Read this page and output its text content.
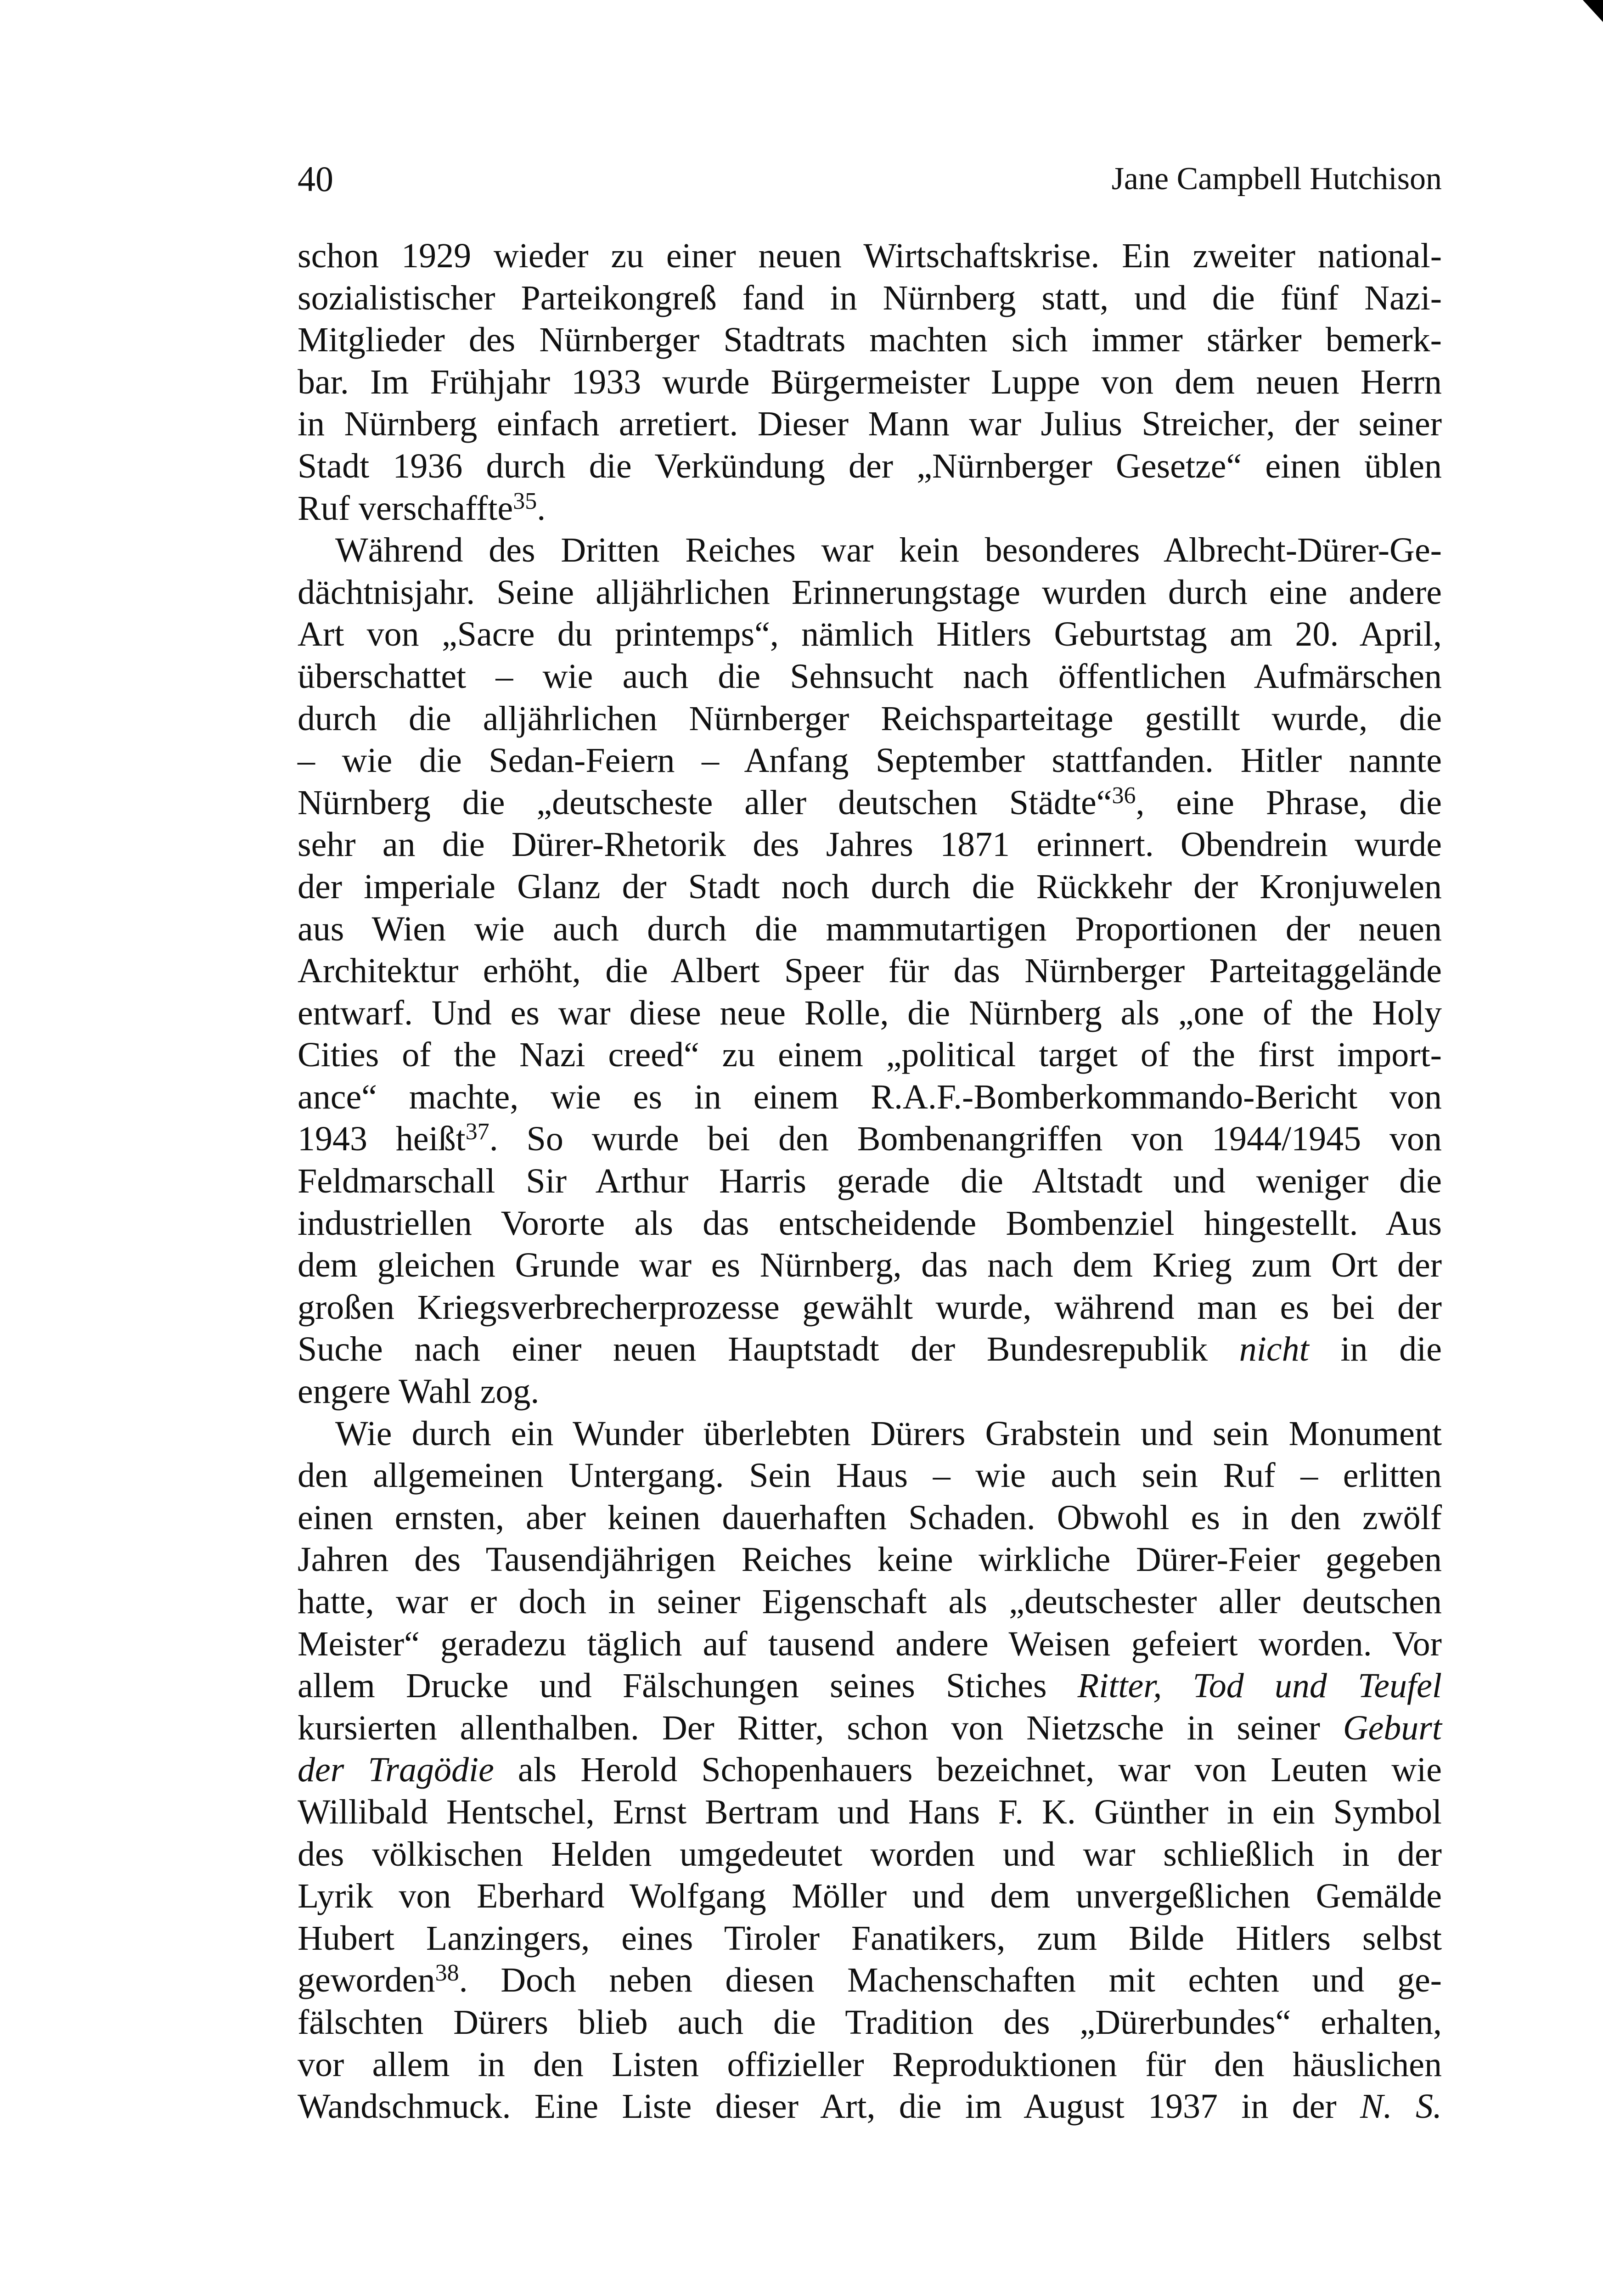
40	Jane Campbell Hutchison
schon 1929 wieder zu einer neuen Wirtschaftskrise. Ein zweiter national-
sozialistischer Parteikongreß fand in Nürnberg statt, und die fünf Nazi-
Mitglieder des Nürnberger Stadtrats machten sich immer stärker bemerk-
bar. Im Frühjahr 1933 wurde Bürgermeister Luppe von dem neuen Herrn
in Nürnberg einfach arretiert. Dieser Mann war Julius Streicher, der seiner
Stadt 1936 durch die Verkündung der „Nürnberger Gesetze“ einen üblen
Ruf verschaffte$^{35}$.
Während des Dritten Reiches war kein besonderes Albrecht-Dürer-Ge-
dächtnisjahr. Seine alljährlichen Erinnerungstage wurden durch eine andere
Art von „Sacre du printemps“, nämlich Hitlers Geburtstag am 20. April,
überschattet – wie auch die Sehnsucht nach öffentlichen Aufmärschen
durch die alljährlichen Nürnberger Reichsparteitage gestillt wurde, die
– wie die Sedan-Feiern – Anfang September stattfanden. Hitler nannte
Nürnberg die „deutscheste aller deutschen Städte“$^{36}$, eine Phrase, die
sehr an die Dürer-Rhetorik des Jahres 1871 erinnert. Obendrein wurde
der imperiale Glanz der Stadt noch durch die Rückkehr der Kronjuwelen
aus Wien wie auch durch die mammutartigen Proportionen der neuen
Architektur erhöht, die Albert Speer für das Nürnberger Parteitaggelände
entwarf. Und es war diese neue Rolle, die Nürnberg als „one of the Holy
Cities of the Nazi creed“ zu einem „political target of the first import-
ance“ machte, wie es in einem R.A.F.-Bomberkommando-Bericht von
1943 heißt$^{37}$. So wurde bei den Bombenangriffen von 1944/1945 von
Feldmarschall Sir Arthur Harris gerade die Altstadt und weniger die
industriellen Vororte als das entscheidende Bombenziel hingestellt. Aus
dem gleichen Grunde war es Nürnberg, das nach dem Krieg zum Ort der
großen Kriegsverbrecherprozesse gewählt wurde, während man es bei der
Suche nach einer neuen Hauptstadt der Bundesrepublik nicht in die
engere Wahl zog.
Wie durch ein Wunder überlebten Dürers Grabstein und sein Monument
den allgemeinen Untergang. Sein Haus – wie auch sein Ruf – erlitten
einen ernsten, aber keinen dauerhaften Schaden. Obwohl es in den zwölf
Jahren des Tausendjährigen Reiches keine wirkliche Dürer-Feier gegeben
hatte, war er doch in seiner Eigenschaft als „deutschester aller deutschen
Meister“ geradezu täglich auf tausend andere Weisen gefeiert worden. Vor
allem Drucke und Fälschungen seines Stiches Ritter, Tod und Teufel
kursierten allenthalben. Der Ritter, schon von Nietzsche in seiner Geburt
der Tragödie als Herold Schopenhauers bezeichnet, war von Leuten wie
Willibald Hentschel, Ernst Bertram und Hans F. K. Günther in ein Symbol
des völkischen Helden umgedeutet worden und war schließlich in der
Lyrik von Eberhard Wolfgang Möller und dem unvergeßlichen Gemälde
Hubert Lanzingers, eines Tiroler Fanatikers, zum Bilde Hitlers selbst
geworden$^{38}$. Doch neben diesen Machenschaften mit echten und ge-
fälschten Dürers blieb auch die Tradition des „Dürerbundes“ erhalten,
vor allem in den Listen offizieller Reproduktionen für den häuslichen
Wandschmuck. Eine Liste dieser Art, die im August 1937 in der N. S.
